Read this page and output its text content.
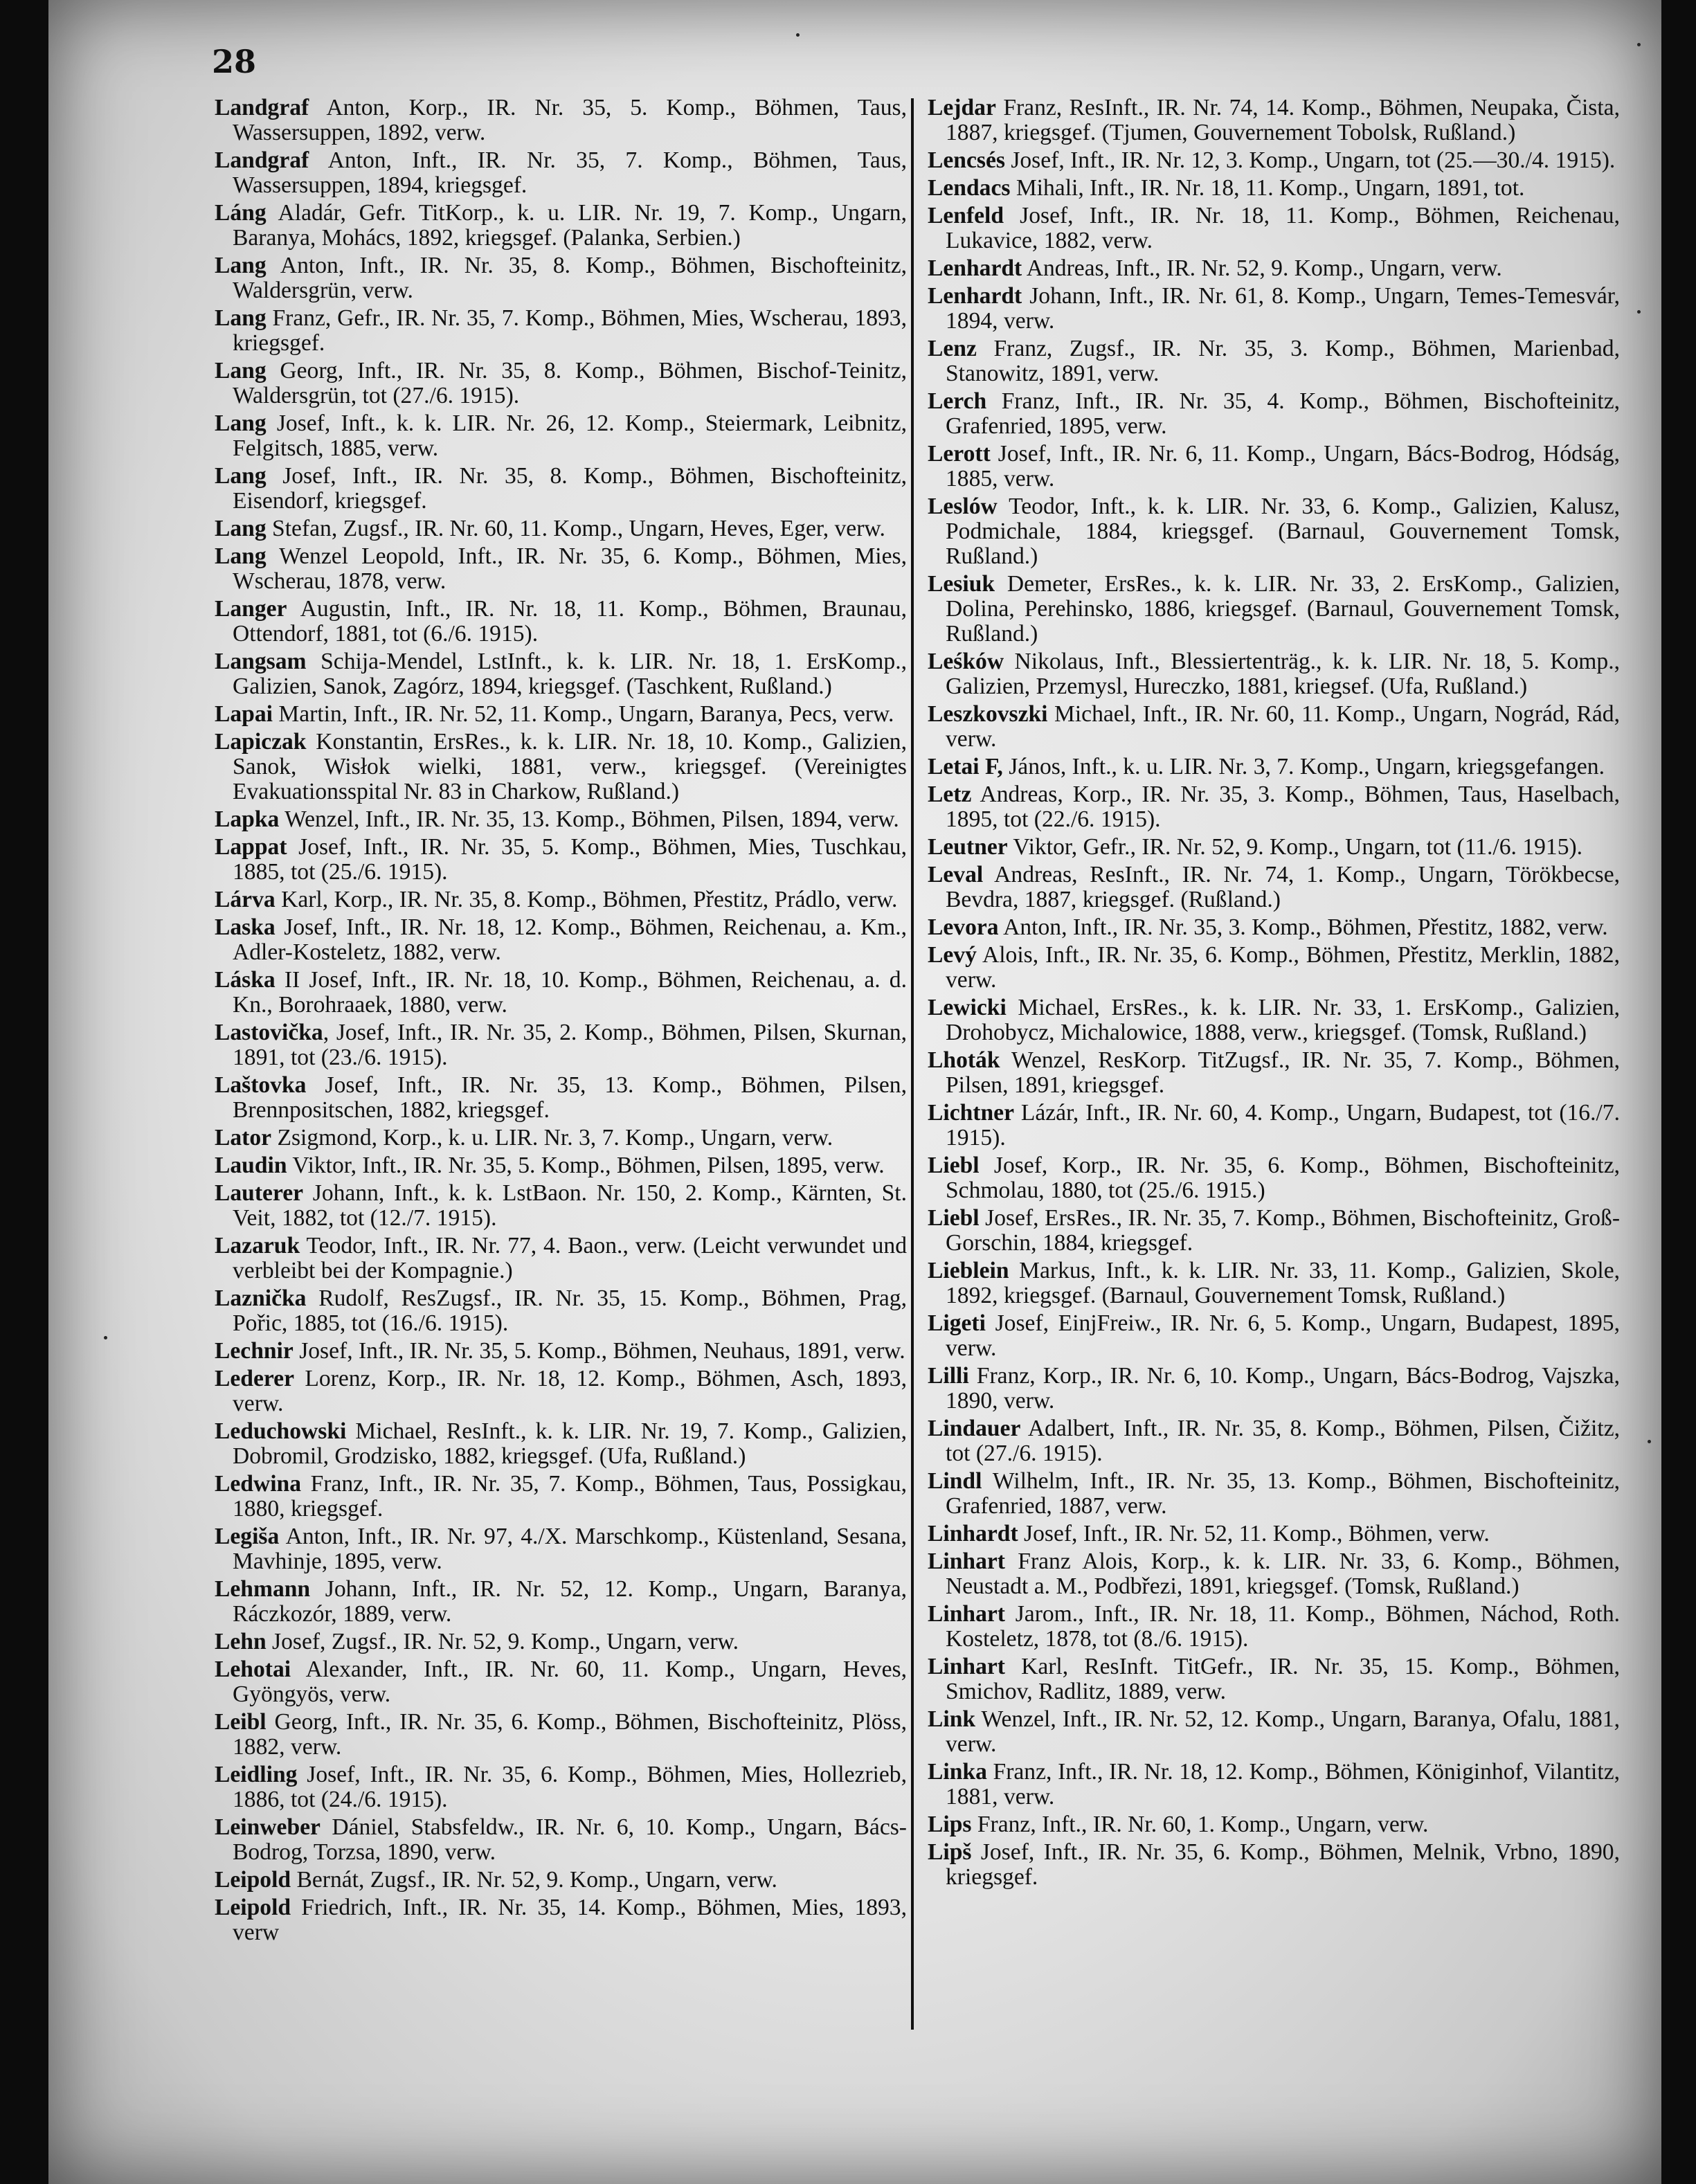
28

Landgraf Anton, Korp., IR. Nr. 35, 5. Komp., Böhmen, Taus, Wassersuppen, 1892, verw.

Landgraf Anton, Inft., IR. Nr. 35, 7. Komp., Böhmen, Taus, Wassersuppen, 1894, kriegsgef.

Láng Aladár, Gefr. TitKorp., k. u. LIR. Nr. 19, 7. Komp., Ungarn, Baranya, Mohács, 1892, kriegsgef. (Palanka, Serbien.)

Lang Anton, Inft., IR. Nr. 35, 8. Komp., Böhmen, Bischofteinitz, Waldersgrün, verw.

Lang Franz, Gefr., IR. Nr. 35, 7. Komp., Böhmen, Mies, Wscherau, 1893, kriegsgef.

Lang Georg, Inft., IR. Nr. 35, 8. Komp., Böhmen, Bischof-Teinitz, Waldersgrün, tot (27./6. 1915).

Lang Josef, Inft., k. k. LIR. Nr. 26, 12. Komp., Steiermark, Leibnitz, Felgitsch, 1885, verw.

Lang Josef, Inft., IR. Nr. 35, 8. Komp., Böhmen, Bischofteinitz, Eisendorf, kriegsgef.

Lang Stefan, Zugsf., IR. Nr. 60, 11. Komp., Ungarn, Heves, Eger, verw.

Lang Wenzel Leopold, Inft., IR. Nr. 35, 6. Komp., Böhmen, Mies, Wscherau, 1878, verw.

Langer Augustin, Inft., IR. Nr. 18, 11. Komp., Böhmen, Braunau, Ottendorf, 1881, tot (6./6. 1915).

Langsam Schija-Mendel, LstInft., k. k. LIR. Nr. 18, 1. ErsKomp., Galizien, Sanok, Zagórz, 1894, kriegsgef. (Taschkent, Rußland.)

Lapai Martin, Inft., IR. Nr. 52, 11. Komp., Ungarn, Baranya, Pecs, verw.

Lapiczak Konstantin, ErsRes., k. k. LIR. Nr. 18, 10. Komp., Galizien, Sanok, Wisłok wielki, 1881, verw., kriegsgef. (Vereinigtes Evakuationsspital Nr. 83 in Charkow, Rußland.)

Lapka Wenzel, Inft., IR. Nr. 35, 13. Komp., Böhmen, Pilsen, 1894, verw.

Lappat Josef, Inft., IR. Nr. 35, 5. Komp., Böhmen, Mies, Tuschkau, 1885, tot (25./6. 1915).

Lárva Karl, Korp., IR. Nr. 35, 8. Komp., Böhmen, Přestitz, Prádlo, verw.

Laska Josef, Inft., IR. Nr. 18, 12. Komp., Böhmen, Reichenau, a. Km., Adler-Kosteletz, 1882, verw.

Láska II Josef, Inft., IR. Nr. 18, 10. Komp., Böhmen, Reichenau, a. d. Kn., Borohraaek, 1880, verw.

Lastovička, Josef, Inft., IR. Nr. 35, 2. Komp., Böhmen, Pilsen, Skurnan, 1891, tot (23./6. 1915).

Laštovka Josef, Inft., IR. Nr. 35, 13. Komp., Böhmen, Pilsen, Brennpositschen, 1882, kriegsgef.

Lator Zsigmond, Korp., k. u. LIR. Nr. 3, 7. Komp., Ungarn, verw.

Laudin Viktor, Inft., IR. Nr. 35, 5. Komp., Böhmen, Pilsen, 1895, verw.

Lauterer Johann, Inft., k. k. LstBaon. Nr. 150, 2. Komp., Kärnten, St. Veit, 1882, tot (12./7. 1915).

Lazaruk Teodor, Inft., IR. Nr. 77, 4. Baon., verw. (Leicht verwundet und verbleibt bei der Kompagnie.)

Laznička Rudolf, ResZugsf., IR. Nr. 35, 15. Komp., Böhmen, Prag, Pořic, 1885, tot (16./6. 1915).

Lechnir Josef, Inft., IR. Nr. 35, 5. Komp., Böhmen, Neuhaus, 1891, verw.

Lederer Lorenz, Korp., IR. Nr. 18, 12. Komp., Böhmen, Asch, 1893, verw.

Leduchowski Michael, ResInft., k. k. LIR. Nr. 19, 7. Komp., Galizien, Dobromil, Grodzisko, 1882, kriegsgef. (Ufa, Rußland.)

Ledwina Franz, Inft., IR. Nr. 35, 7. Komp., Böhmen, Taus, Possigkau, 1880, kriegsgef.

Legiša Anton, Inft., IR. Nr. 97, 4./X. Marschkomp., Küstenland, Sesana, Mavhinje, 1895, verw.

Lehmann Johann, Inft., IR. Nr. 52, 12. Komp., Ungarn, Baranya, Ráczkozór, 1889, verw.

Lehn Josef, Zugsf., IR. Nr. 52, 9. Komp., Ungarn, verw.

Lehotai Alexander, Inft., IR. Nr. 60, 11. Komp., Ungarn, Heves, Gyöngyös, verw.

Leibl Georg, Inft., IR. Nr. 35, 6. Komp., Böhmen, Bischofteinitz, Plöss, 1882, verw.

Leidling Josef, Inft., IR. Nr. 35, 6. Komp., Böhmen, Mies, Hollezrieb, 1886, tot (24./6. 1915).

Leinweber Dániel, Stabsfeldw., IR. Nr. 6, 10. Komp., Ungarn, Bács-Bodrog, Torzsa, 1890, verw.

Leipold Bernát, Zugsf., IR. Nr. 52, 9. Komp., Ungarn, verw.

Leipold Friedrich, Inft., IR. Nr. 35, 14. Komp., Böhmen, Mies, 1893, verw

Lejdar Franz, ResInft., IR. Nr. 74, 14. Komp., Böhmen, Neupaka, Čista, 1887, kriegsgef. (Tjumen, Gouvernement Tobolsk, Rußland.)

Lencsés Josef, Inft., IR. Nr. 12, 3. Komp., Ungarn, tot (25.—30./4. 1915).

Lendacs Mihali, Inft., IR. Nr. 18, 11. Komp., Ungarn, 1891, tot.

Lenfeld Josef, Inft., IR. Nr. 18, 11. Komp., Böhmen, Reichenau, Lukavice, 1882, verw.

Lenhardt Andreas, Inft., IR. Nr. 52, 9. Komp., Ungarn, verw.

Lenhardt Johann, Inft., IR. Nr. 61, 8. Komp., Ungarn, Temes-Temesvár, 1894, verw.

Lenz Franz, Zugsf., IR. Nr. 35, 3. Komp., Böhmen, Marienbad, Stanowitz, 1891, verw.

Lerch Franz, Inft., IR. Nr. 35, 4. Komp., Böhmen, Bischofteinitz, Grafenried, 1895, verw.

Lerott Josef, Inft., IR. Nr. 6, 11. Komp., Ungarn, Bács-Bodrog, Hódság, 1885, verw.

Leslów Teodor, Inft., k. k. LIR. Nr. 33, 6. Komp., Galizien, Kalusz, Podmichale, 1884, kriegsgef. (Barnaul, Gouvernement Tomsk, Rußland.)

Lesiuk Demeter, ErsRes., k. k. LIR. Nr. 33, 2. ErsKomp., Galizien, Dolina, Perehinsko, 1886, kriegsgef. (Barnaul, Gouvernement Tomsk, Rußland.)

Leśków Nikolaus, Inft., Blessiertenträg., k. k. LIR. Nr. 18, 5. Komp., Galizien, Przemysl, Hureczko, 1881, kriegsef. (Ufa, Rußland.)

Leszkovszki Michael, Inft., IR. Nr. 60, 11. Komp., Ungarn, Nográd, Rád, verw.

Letai F, János, Inft., k. u. LIR. Nr. 3, 7. Komp., Ungarn, kriegsgefangen.

Letz Andreas, Korp., IR. Nr. 35, 3. Komp., Böhmen, Taus, Haselbach, 1895, tot (22./6. 1915).

Leutner Viktor, Gefr., IR. Nr. 52, 9. Komp., Ungarn, tot (11./6. 1915).

Leval Andreas, ResInft., IR. Nr. 74, 1. Komp., Ungarn, Törökbecse, Bevdra, 1887, kriegsgef. (Rußland.)

Levora Anton, Inft., IR. Nr. 35, 3. Komp., Böhmen, Přestitz, 1882, verw.

Levý Alois, Inft., IR. Nr. 35, 6. Komp., Böhmen, Přestitz, Merklin, 1882, verw.

Lewicki Michael, ErsRes., k. k. LIR. Nr. 33, 1. ErsKomp., Galizien, Drohobycz, Michalowice, 1888, verw., kriegsgef. (Tomsk, Rußland.)

Lhoták Wenzel, ResKorp. TitZugsf., IR. Nr. 35, 7. Komp., Böhmen, Pilsen, 1891, kriegsgef.

Lichtner Lázár, Inft., IR. Nr. 60, 4. Komp., Ungarn, Budapest, tot (16./7. 1915).

Liebl Josef, Korp., IR. Nr. 35, 6. Komp., Böhmen, Bischofteinitz, Schmolau, 1880, tot (25./6. 1915.)

Liebl Josef, ErsRes., IR. Nr. 35, 7. Komp., Böhmen, Bischofteinitz, Groß-Gorschin, 1884, kriegsgef.

Lieblein Markus, Inft., k. k. LIR. Nr. 33, 11. Komp., Galizien, Skole, 1892, kriegsgef. (Barnaul, Gouvernement Tomsk, Rußland.)

Ligeti Josef, EinjFreiw., IR. Nr. 6, 5. Komp., Ungarn, Budapest, 1895, verw.

Lilli Franz, Korp., IR. Nr. 6, 10. Komp., Ungarn, Bács-Bodrog, Vajszka, 1890, verw.

Lindauer Adalbert, Inft., IR. Nr. 35, 8. Komp., Böhmen, Pilsen, Čižitz, tot (27./6. 1915).

Lindl Wilhelm, Inft., IR. Nr. 35, 13. Komp., Böhmen, Bischofteinitz, Grafenried, 1887, verw.

Linhardt Josef, Inft., IR. Nr. 52, 11. Komp., Böhmen, verw.

Linhart Franz Alois, Korp., k. k. LIR. Nr. 33, 6. Komp., Böhmen, Neustadt a. M., Podbřezi, 1891, kriegsgef. (Tomsk, Rußland.)

Linhart Jarom., Inft., IR. Nr. 18, 11. Komp., Böhmen, Náchod, Roth. Kosteletz, 1878, tot (8./6. 1915).

Linhart Karl, ResInft. TitGefr., IR. Nr. 35, 15. Komp., Böhmen, Smichov, Radlitz, 1889, verw.

Link Wenzel, Inft., IR. Nr. 52, 12. Komp., Ungarn, Baranya, Ofalu, 1881, verw.

Linka Franz, Inft., IR. Nr. 18, 12. Komp., Böhmen, Königinhof, Vilantitz, 1881, verw.

Lips Franz, Inft., IR. Nr. 60, 1. Komp., Ungarn, verw.

Lipš Josef, Inft., IR. Nr. 35, 6. Komp., Böhmen, Melnik, Vrbno, 1890, kriegsgef.
